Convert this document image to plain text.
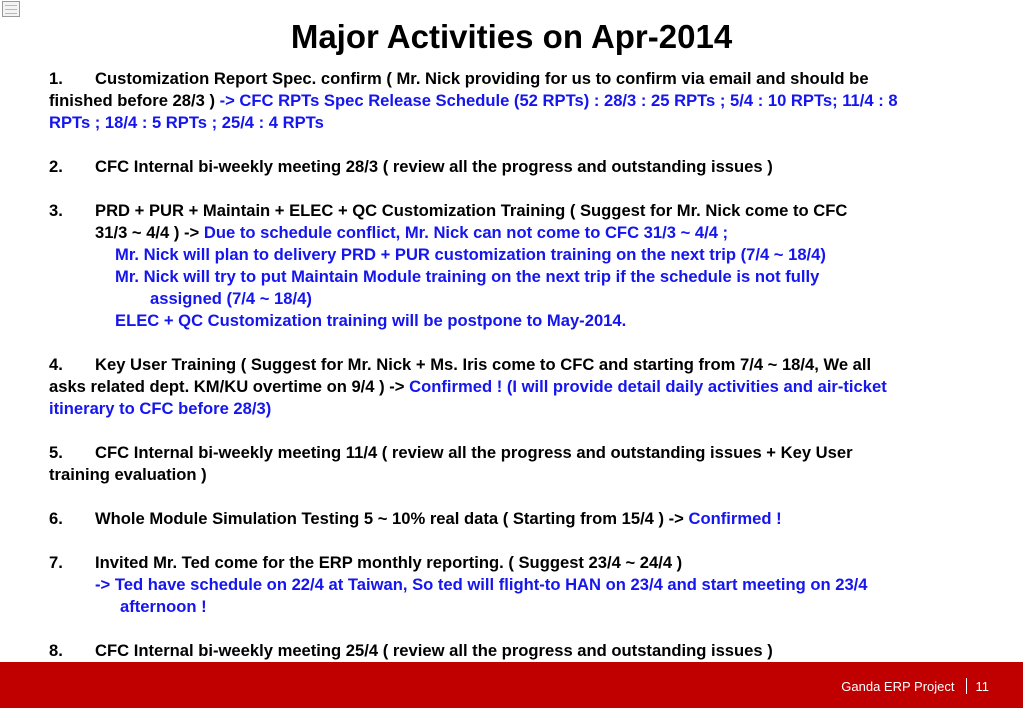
Major Activities on Apr-2014
1. Customization Report Spec. confirm ( Mr. Nick providing for us to confirm via email and should be
finished before 28/3 ) -> CFC RPTs Spec Release Schedule (52 RPTs) : 28/3 : 25 RPTs ; 5/4 : 10 RPTs; 11/4 : 8
RPTs ; 18/4 : 5 RPTs ; 25/4 : 4 RPTs
2. CFC Internal bi-weekly meeting 28/3 ( review all the progress and outstanding issues )
3. PRD + PUR + Maintain + ELEC + QC Customization Training ( Suggest for Mr. Nick come to CFC
31/3 ~ 4/4 ) -> Due to schedule conflict, Mr. Nick can not come to CFC 31/3 ~ 4/4 ;
Mr. Nick will plan to delivery PRD + PUR customization training on the next trip (7/4 ~ 18/4)
Mr. Nick will try to put Maintain Module training on the next trip if the schedule is not fully
assigned (7/4 ~ 18/4)
ELEC + QC Customization training will be postpone to May-2014.
4. Key User Training ( Suggest for Mr. Nick + Ms. Iris come to CFC and starting from 7/4 ~ 18/4, We all
asks related dept. KM/KU overtime on 9/4 ) -> Confirmed ! (I will provide detail daily activities and air-ticket
itinerary to CFC before 28/3)
5. CFC Internal bi-weekly meeting 11/4 ( review all the progress and outstanding issues + Key User
training evaluation )
6. Whole Module Simulation Testing 5 ~ 10% real data ( Starting from 15/4 ) -> Confirmed !
7. Invited Mr. Ted come for the ERP monthly reporting. ( Suggest 23/4 ~ 24/4 )
-> Ted have schedule on 22/4 at Taiwan, So ted will flight-to HAN on 23/4 and start meeting on 23/4
afternoon !
8. CFC Internal bi-weekly meeting 25/4 ( review all the progress and outstanding issues )
Ganda ERP Project 11
